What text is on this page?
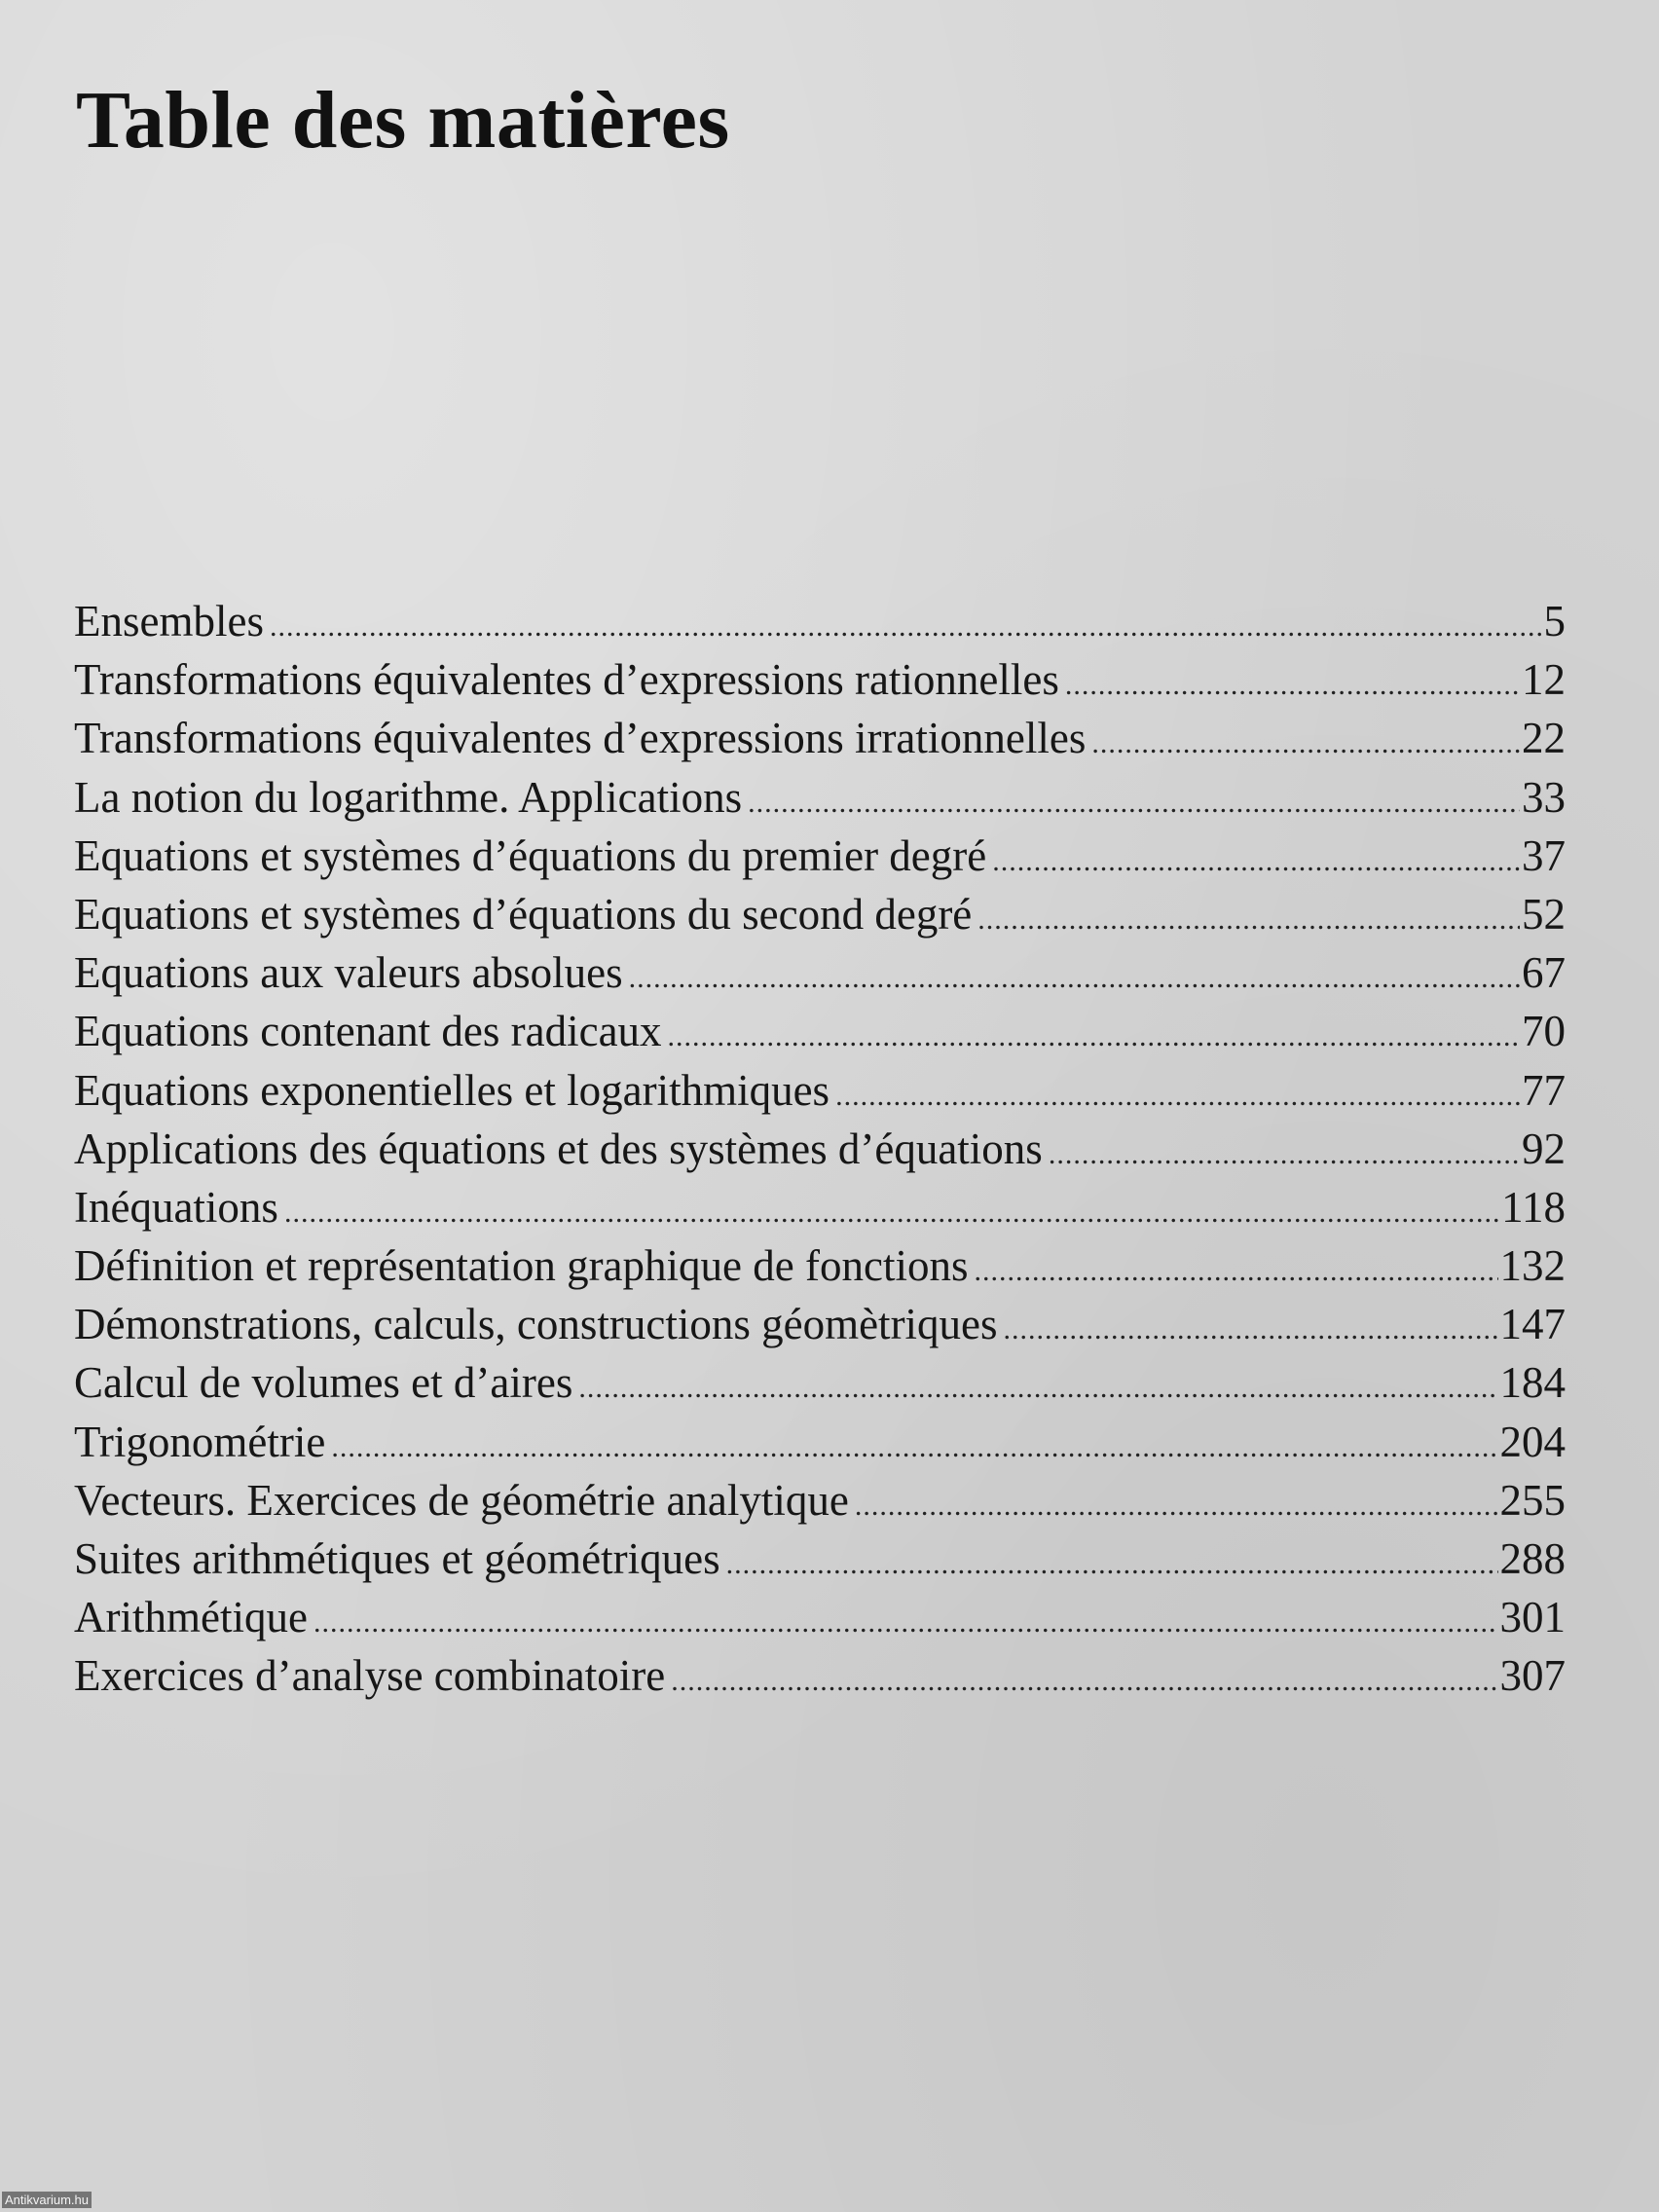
Table des matières
Ensembles .....	5
Transformations équivalentes d’expressions rationnelles .....	12
Transformations équivalentes d’expressions irrationnelles .....	22
La notion du logarithme. Applications .....	33
Equations et systèmes d’équations du premier degré .....	37
Equations et systèmes d’équations du second degré .....	52
Equations aux valeurs absolues .....	67
Equations contenant des radicaux .....	70
Equations exponentielles et logarithmiques .....	77
Applications des équations et des systèmes d’équations .....	92
Inéquations .....	118
Définition et représentation graphique de fonctions .....	132
Démonstrations, calculs, constructions géomètriques .....	147
Calcul de volumes et d’aires .....	184
Trigonométrie .....	204
Vecteurs. Exercices de géométrie analytique .....	255
Suites arithmétiques et géométriques .....	288
Arithmétique .....	301
Exercices d’analyse combinatoire .....	307
Antikvarium.hu
